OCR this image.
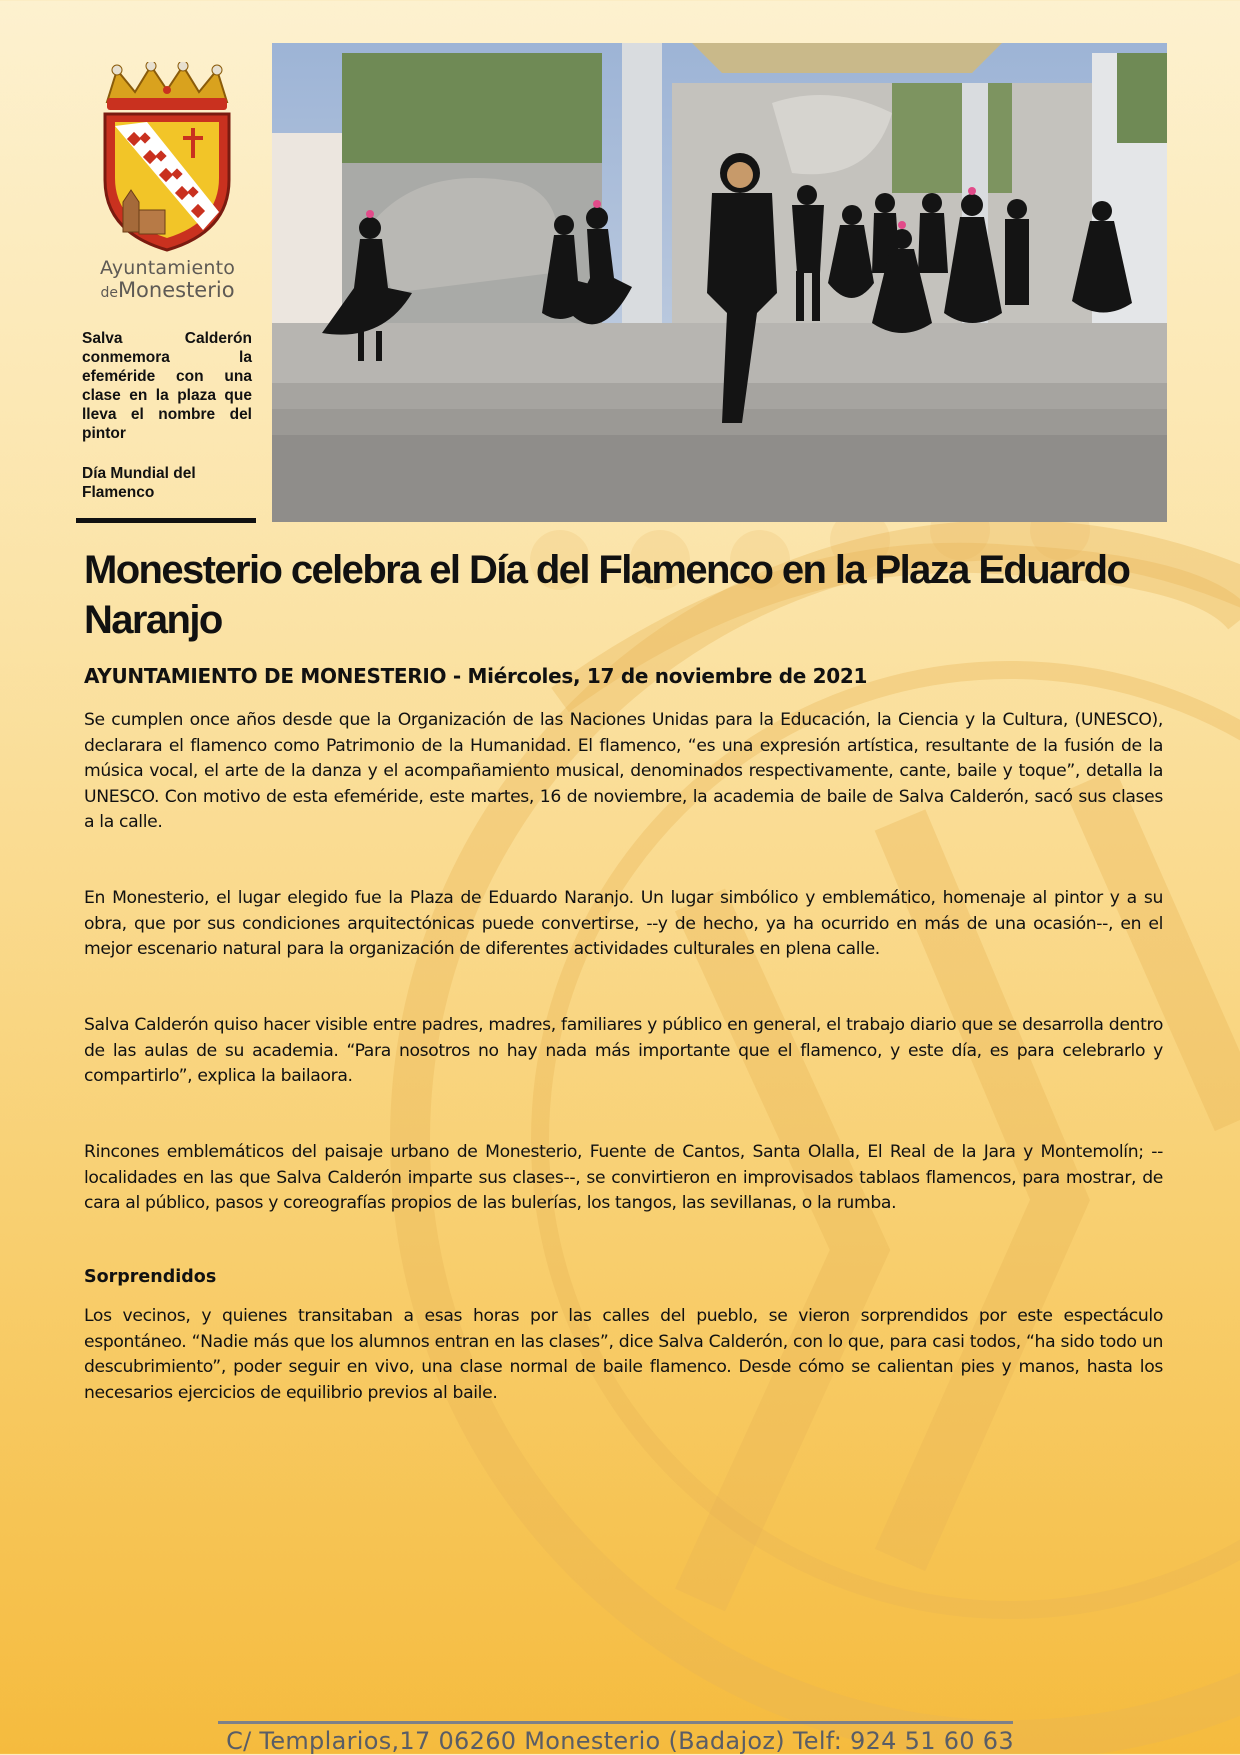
Ayuntamiento
deMonesterio

Salva Calderón conmemora la efeméride con una clase en la plaza que lleva el nombre del pintor

Día Mundial del Flamenco

Monesterio celebra el Día del Flamenco en la Plaza Eduardo Naranjo

AYUNTAMIENTO DE MONESTERIO - Miércoles, 17 de noviembre de 2021

Se cumplen once años desde que la Organización de las Naciones Unidas para la Educación, la Ciencia y la Cultura, (UNESCO), declarara el flamenco como Patrimonio de la Humanidad. El flamenco, “es una expresión artística, resultante de la fusión de la música vocal, el arte de la danza y el acompañamiento musical, denominados respectivamente, cante, baile y toque”, detalla la UNESCO. Con motivo de esta efeméride, este martes, 16 de noviembre, la academia de baile de Salva Calderón, sacó sus clases a la calle.

En Monesterio, el lugar elegido fue la Plaza de Eduardo Naranjo. Un lugar simbólico y emblemático, homenaje al pintor y a su obra, que por sus condiciones arquitectónicas puede convertirse, --y de hecho, ya ha ocurrido en más de una ocasión--, en el mejor escenario natural para la organización de diferentes actividades culturales en plena calle.

Salva Calderón quiso hacer visible entre padres, madres, familiares y público en general, el trabajo diario que se desarrolla dentro de las aulas de su academia. “Para nosotros no hay nada más importante que el flamenco, y este día, es para celebrarlo y compartirlo”, explica la bailaora.

Rincones emblemáticos del paisaje urbano de Monesterio, Fuente de Cantos, Santa Olalla, El Real de la Jara y Montemolín; --localidades en las que Salva Calderón imparte sus clases--, se convirtieron en improvisados tablaos flamencos, para mostrar, de cara al público, pasos y coreografías propios de las bulerías, los tangos, las sevillanas, o la rumba.

Sorprendidos

Los vecinos, y quienes transitaban a esas horas por las calles del pueblo, se vieron sorprendidos por este espectáculo espontáneo. “Nadie más que los alumnos entran en las clases”, dice Salva Calderón, con lo que, para casi todos, “ha sido todo un descubrimiento”, poder seguir en vivo, una clase normal de baile flamenco. Desde cómo se calientan pies y manos, hasta los necesarios ejercicios de equilibrio previos al baile.

C/ Templarios,17 06260 Monesterio (Badajoz) Telf: 924 51 60 63
